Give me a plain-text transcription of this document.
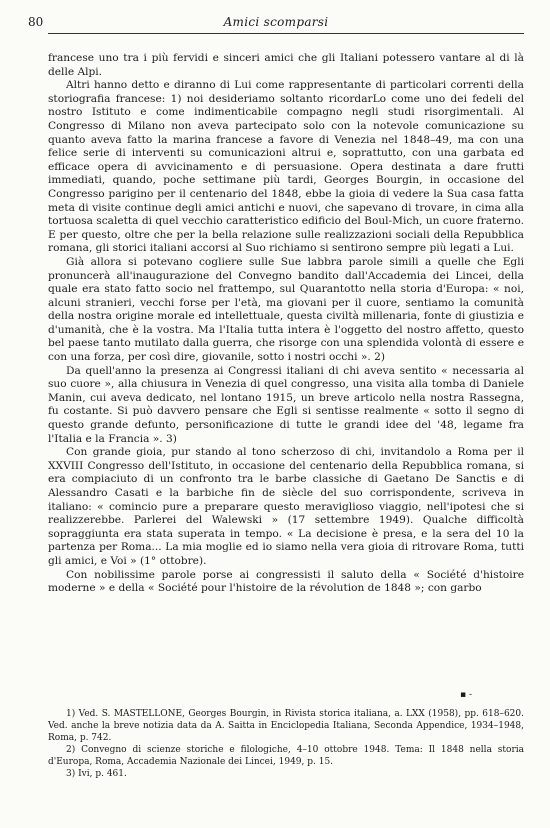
80	Amici scomparsi

francese uno tra i più fervidi e sinceri amici che gli Italiani potessero vantare al di là delle Alpi.

Altri hanno detto e diranno di Lui come rappresentante di particolari correnti della storiografia francese: 1) noi desideriamo soltanto ricordarLo come uno dei fedeli del nostro Istituto e come indimenticabile compagno negli studi risorgimentali. Al Congresso di Milano non aveva partecipato solo con la notevole comunicazione su quanto aveva fatto la marina francese a favore di Venezia nel 1848–49, ma con una felice serie di interventi su comunicazioni altrui e, soprattutto, con una garbata ed efficace opera di avvicinamento e di persuasione. Opera destinata a dare frutti immediati, quando, poche settimane più tardi, Georges Bourgin, in occasione del Congresso parigino per il centenario del 1848, ebbe la gioia di vedere la Sua casa fatta meta di visite continue degli amici antichi e nuovi, che sapevano di trovare, in cima alla tortuosa scaletta di quel vecchio caratteristico edificio del Boul-Mich, un cuore fraterno. E per questo, oltre che per la bella relazione sulle realizzazioni sociali della Repubblica romana, gli storici italiani accorsi al Suo richiamo si sentirono sempre più legati a Lui.

Già allora si potevano cogliere sulle Sue labbra parole simili a quelle che Egli pronuncerà all'inaugurazione del Convegno bandito dall'Accademia dei Lincei, della quale era stato fatto socio nel frattempo, sul Quarantotto nella storia d'Europa: « noi, alcuni stranieri, vecchi forse per l'età, ma giovani per il cuore, sentiamo la comunità della nostra origine morale ed intellettuale, questa civiltà millenaria, fonte di giustizia e d'umanità, che è la vostra. Ma l'Italia tutta intera è l'oggetto del nostro affetto, questo bel paese tanto mutilato dalla guerra, che risorge con una splendida volontà di essere e con una forza, per così dire, giovanile, sotto i nostri occhi ». 2)

Da quell'anno la presenza ai Congressi italiani di chi aveva sentito « necessaria al suo cuore », alla chiusura in Venezia di quel congresso, una visita alla tomba di Daniele Manin, cui aveva dedicato, nel lontano 1915, un breve articolo nella nostra Rassegna, fu costante. Si può davvero pensare che Egli si sentisse realmente « sotto il segno di questo grande defunto, personificazione di tutte le grandi idee del '48, legame fra l'Italia e la Francia ». 3)

Con grande gioia, pur stando al tono scherzoso di chi, invitandolo a Roma per il XXVIII Congresso dell'Istituto, in occasione del centenario della Repubblica romana, si era compiaciuto di un confronto tra le barbe classiche di Gaetano De Sanctis e di Alessandro Casati e la barbiche fin de siècle del suo corrispondente, scriveva in italiano: « comincio pure a preparare questo meraviglioso viaggio, nell'ipotesi che si realizzerebbe. Parlerei del Walewski » (17 settembre 1949). Qualche difficoltà sopraggiunta era stata superata in tempo. « La decisione è presa, e la sera del 10 la partenza per Roma... La mia moglie ed io siamo nella vera gioia di ritrovare Roma, tutti gli amici, e Voi » (1° ottobre).

Con nobilissime parole porse ai congressisti il saluto della « Société d'histoire moderne » e della « Société pour l'histoire de la révolution de 1848 »; con garbo

▪ -

1) Ved. S. MASTELLONE, Georges Bourgin, in Rivista storica italiana, a. LXX (1958), pp. 618–620. Ved. anche la breve notizia data da A. Saitta in Enciclopedia Italiana, Seconda Appendice, 1934–1948, Roma, p. 742.

2) Convegno di scienze storiche e filologiche, 4–10 ottobre 1948. Tema: Il 1848 nella storia d'Europa, Roma, Accademia Nazionale dei Lincei, 1949, p. 15.

3) Ivi, p. 461.
